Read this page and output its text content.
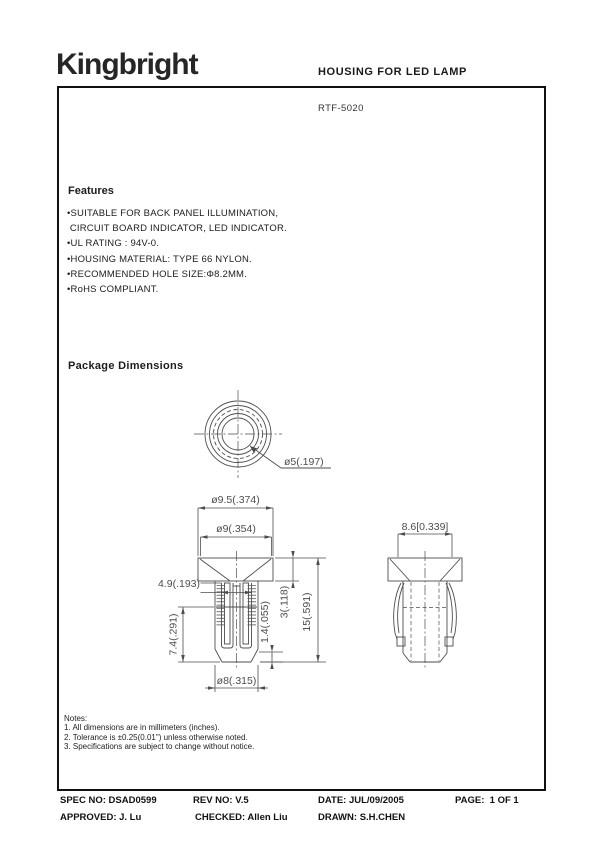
Kingbright	HOUSING FOR LED LAMP
RTF-5020
Features
•SUITABLE FOR BACK PANEL ILLUMINATION,
CIRCUIT BOARD INDICATOR, LED INDICATOR.
•UL RATING : 94V-0.
•HOUSING MATERIAL: TYPE 66 NYLON.
•RECOMMENDED HOLE SIZE:Φ8.2MM.
•RoHS COMPLIANT.
Package Dimensions
ø5(.197)
ø9.5(.374)
ø9(.354)
4.9(.193)
7.4(.291)	1.4(.055) 3(.118) 15(.591)
ø8(.315)
8.6[0.339]
Notes:
1. All dimensions are in millimeters (inches).
2. Tolerance is ±0.25(0.01") unless otherwise noted.
3. Specifications are subject to change without notice.
SPEC NO: DSAD0599	REV NO: V.5	DATE: JUL/09/2005	PAGE:  1 OF 1
APPROVED: J. Lu	CHECKED: Allen Liu	DRAWN: S.H.CHEN
